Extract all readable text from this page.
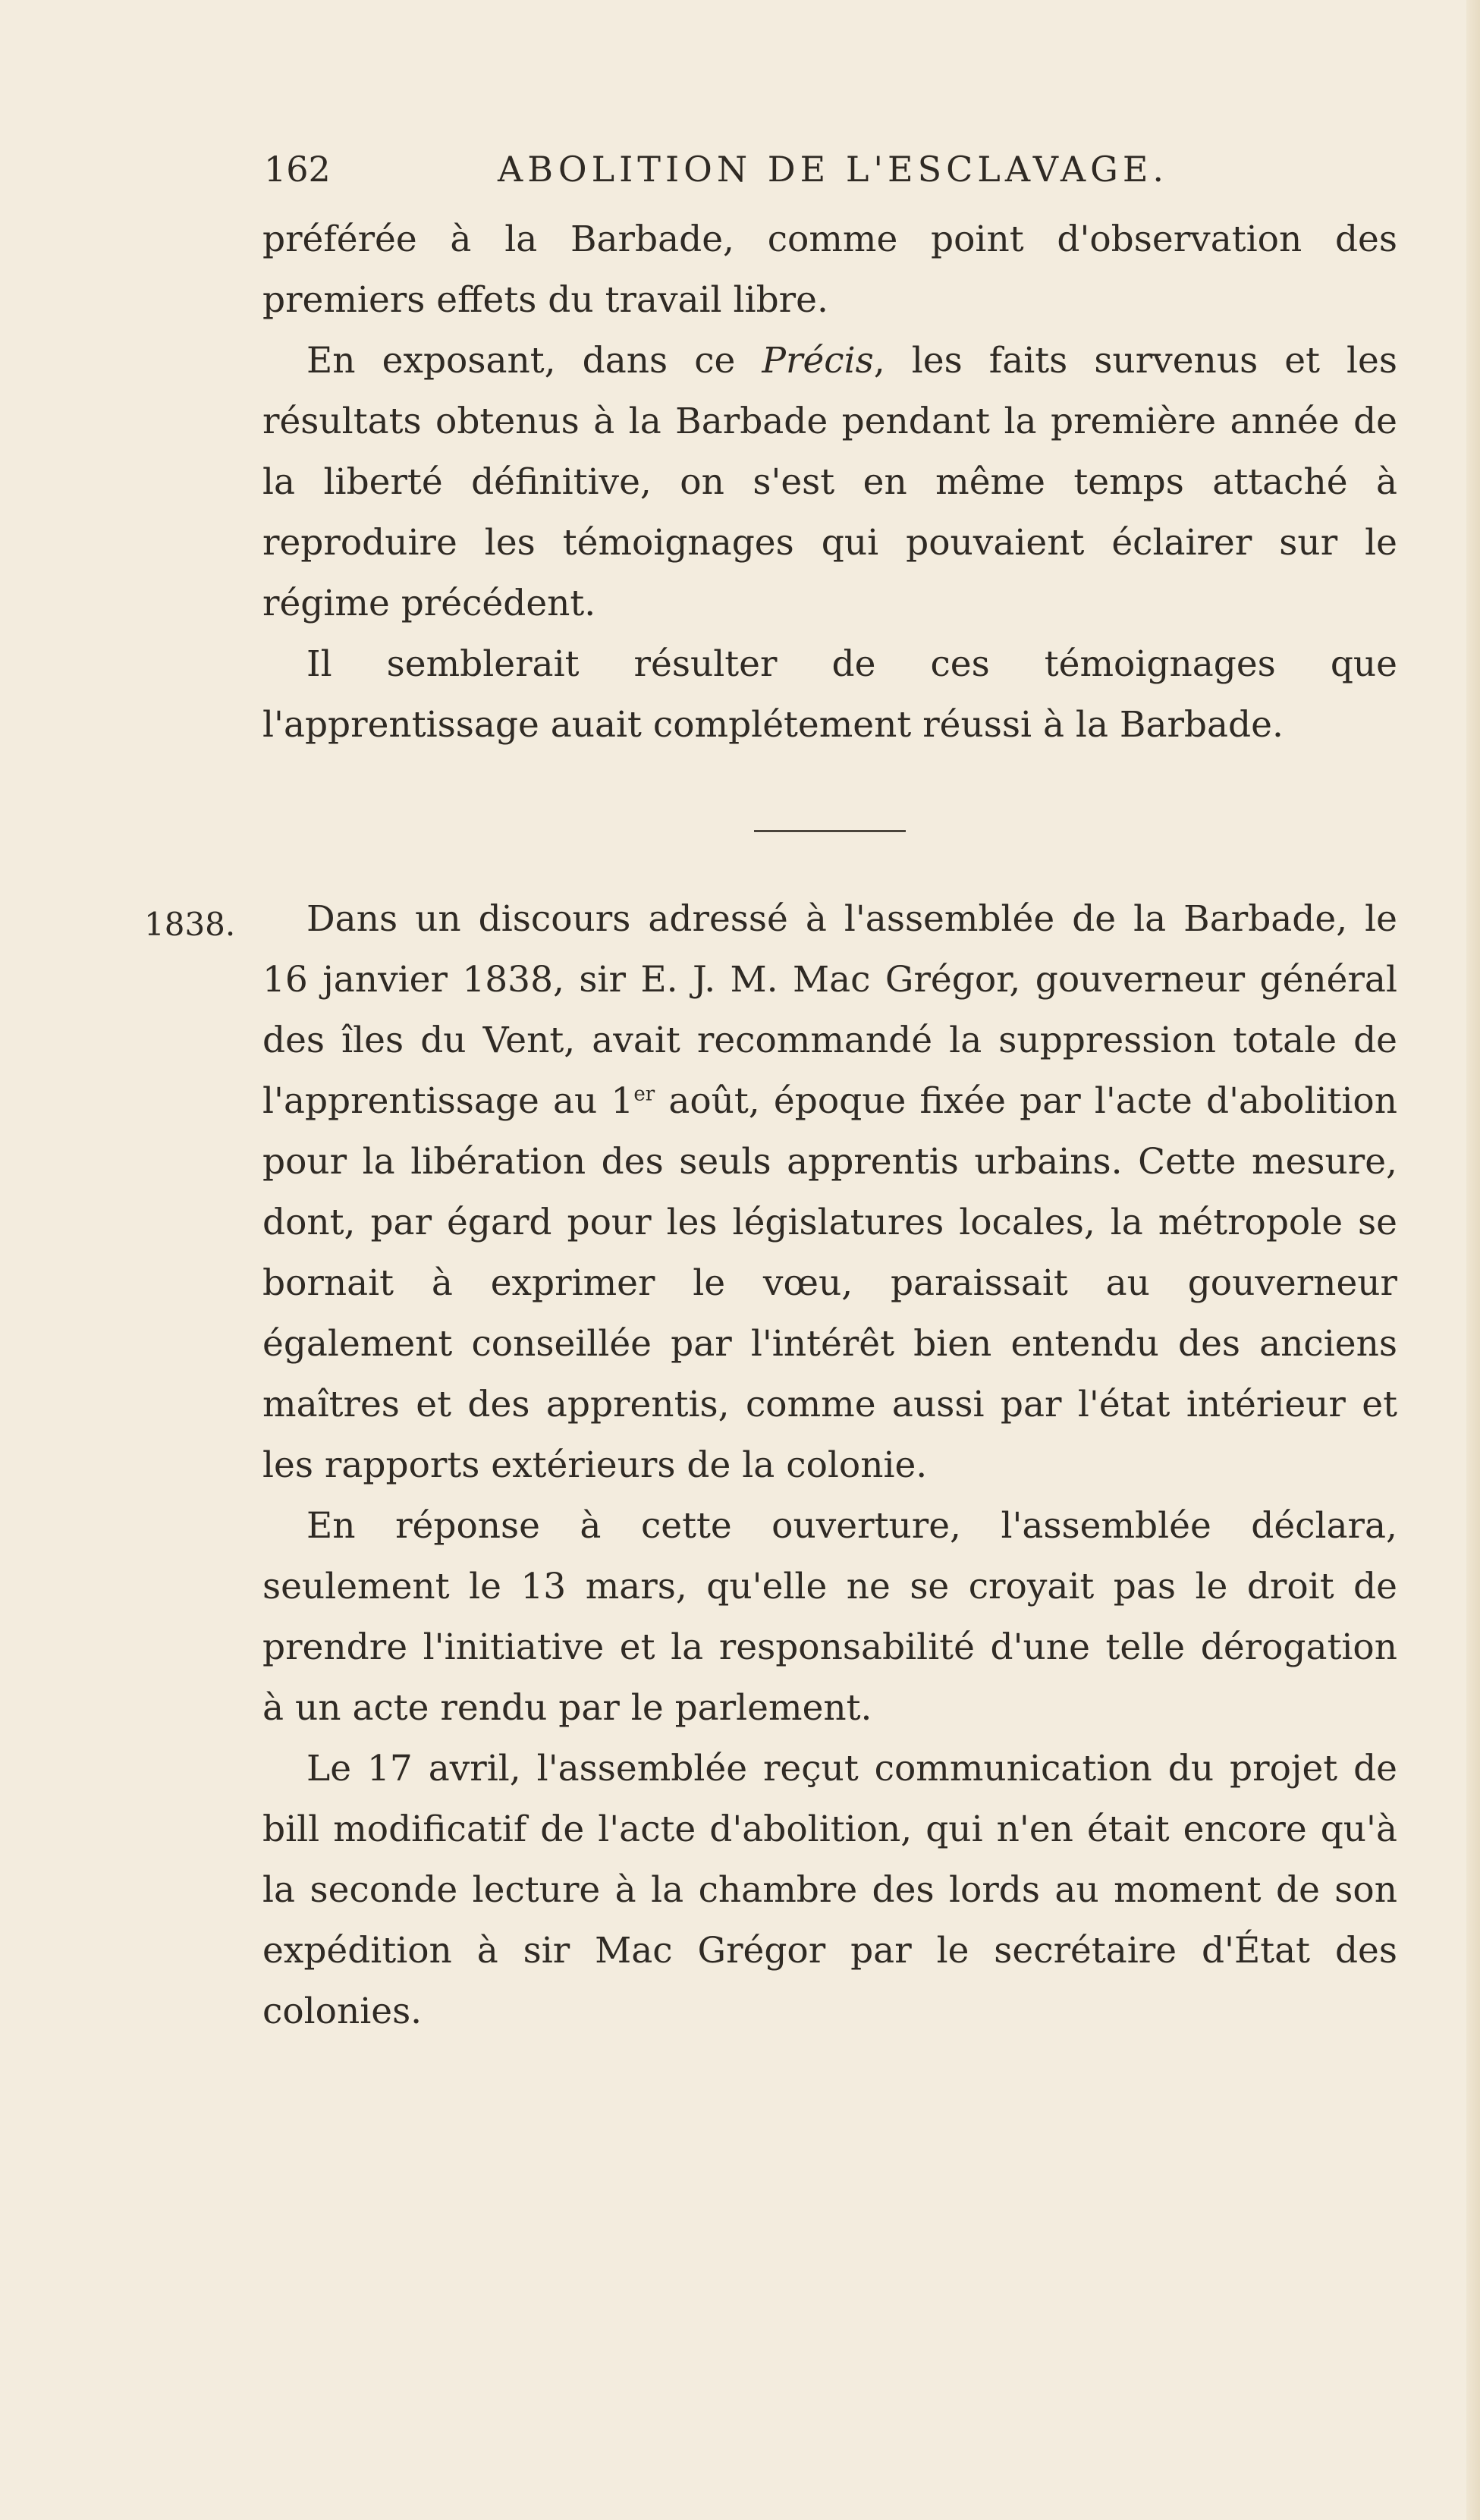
162	ABOLITION DE L'ESCLAVAGE.

préférée à la Barbade, comme point d'observation des premiers effets du travail libre.

En exposant, dans ce Précis, les faits survenus et les résultats obtenus à la Barbade pendant la première année de la liberté définitive, on s'est en même temps attaché à reproduire les témoignages qui pouvaient éclairer sur le régime précédent.

Il semblerait résulter de ces témoignages que l'apprentissage auait complétement réussi à la Barbade.

1838.	Dans un discours adressé à l'assemblée de la Barbade, le 16 janvier 1838, sir E. J. M. Mac Grégor, gouverneur général des îles du Vent, avait recommandé la suppression totale de l'apprentissage au 1er août, époque fixée par l'acte d'abolition pour la libération des seuls apprentis urbains. Cette mesure, dont, par égard pour les législatures locales, la métropole se bornait à exprimer le vœu, paraissait au gouverneur également conseillée par l'intérêt bien entendu des anciens maîtres et des apprentis, comme aussi par l'état intérieur et les rapports extérieurs de la colonie.

En réponse à cette ouverture, l'assemblée déclara, seulement le 13 mars, qu'elle ne se croyait pas le droit de prendre l'initiative et la responsabilité d'une telle dérogation à un acte rendu par le parlement.

Le 17 avril, l'assemblée reçut communication du projet de bill modificatif de l'acte d'abolition, qui n'en était encore qu'à la seconde lecture à la chambre des lords au moment de son expédition à sir Mac Grégor par le secrétaire d'État des colonies.
